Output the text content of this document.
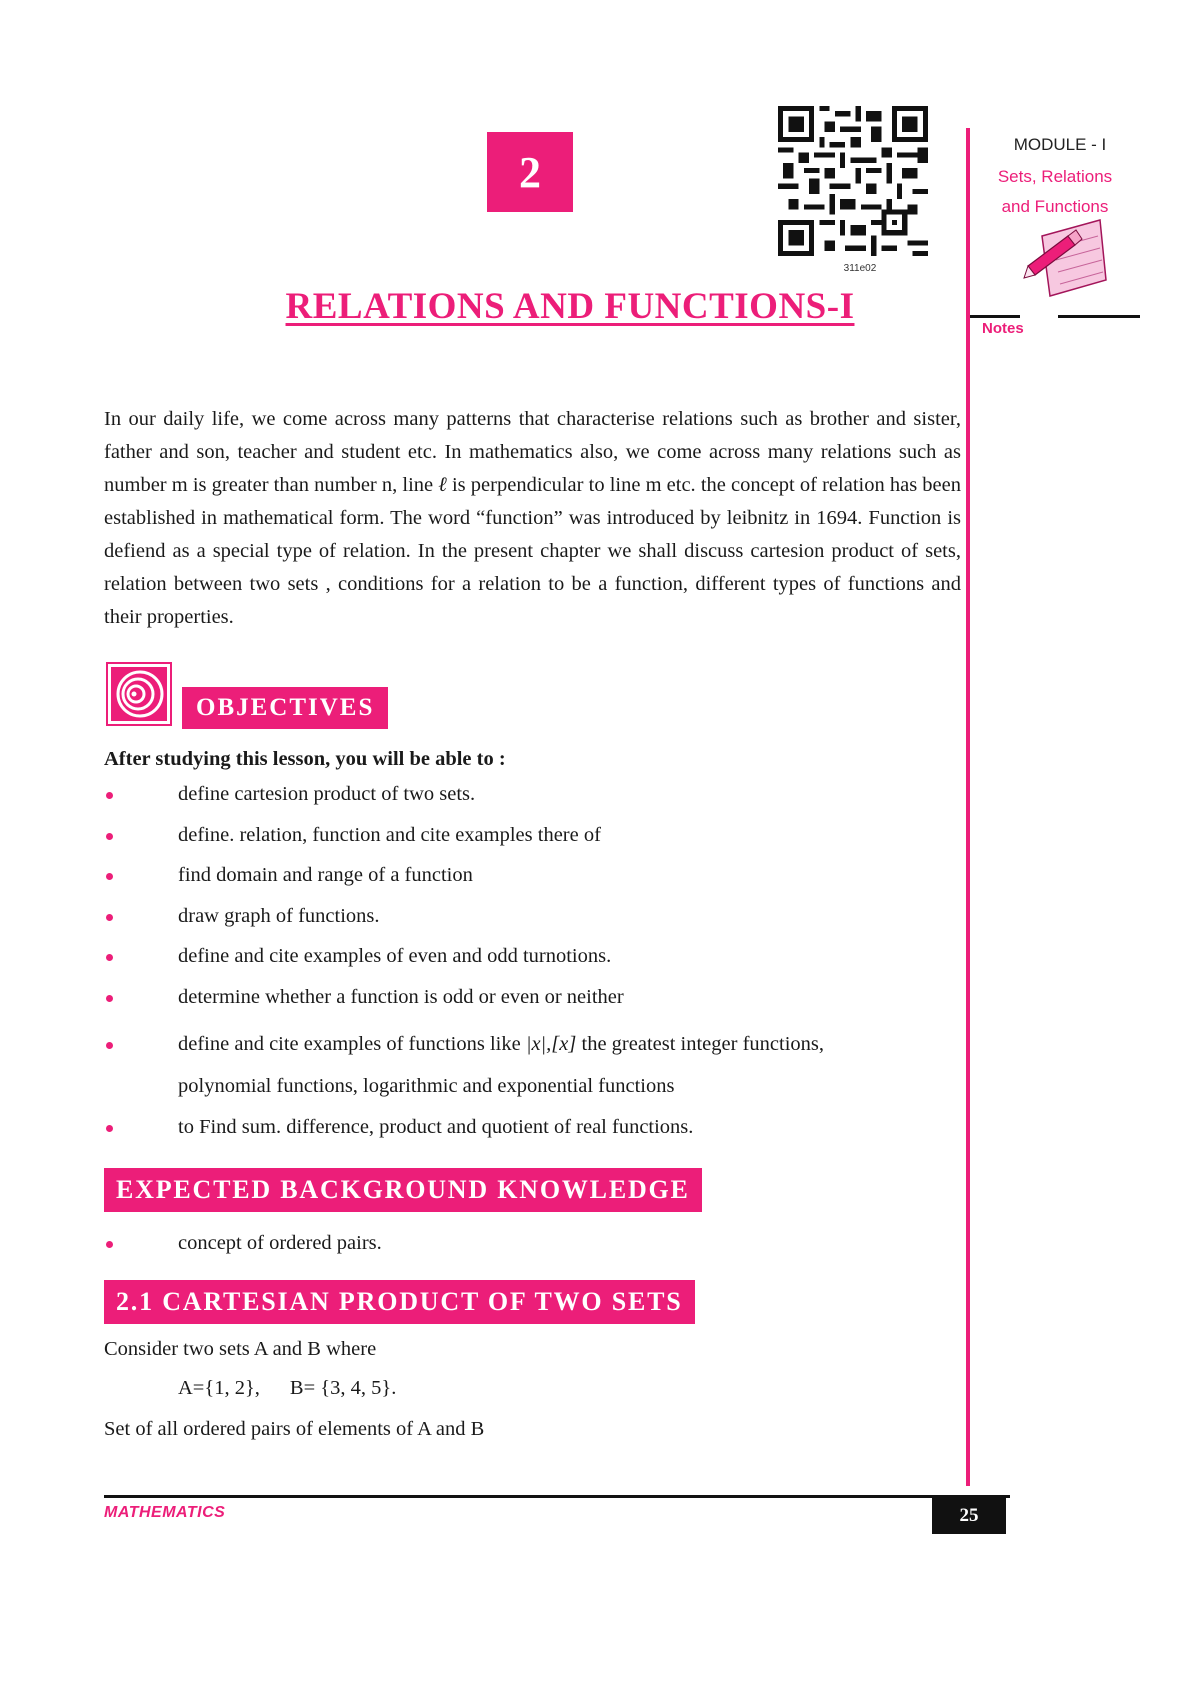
2
311e02
RELATIONS AND FUNCTIONS-I
MODULE - I
Sets, Relations
and Functions
Notes

In our daily life, we come across many patterns that characterise relations such as brother and sister, father and son, teacher and student etc. In mathematics also, we come across many relations such as number m is greater than number n, line ℓ is perpendicular to line m etc. the concept of relation has been established in mathematical form. The word “function” was introduced by leibnitz in 1694. Function is defiend as a special type of relation. In the present chapter we shall discuss cartesion product of sets, relation between two sets , conditions for a relation to be a function, different types of functions and their properties.

OBJECTIVES
After studying this lesson, you will be able to :
define cartesion product of two sets.
define. relation, function and cite examples there of
find domain and range of a function
draw graph of functions.
define and cite examples of even and odd turnotions.
determine whether a function is odd or even or neither
define and cite examples of functions like |x|,[x] the greatest integer functions,
polynomial functions, logarithmic and exponential functions
to Find sum. difference, product and quotient of real functions.
EXPECTED BACKGROUND KNOWLEDGE
concept of ordered pairs.
2.1 CARTESIAN PRODUCT OF TWO SETS
Consider two sets A and B where
A={1, 2}, B= {3, 4, 5}.
Set of all ordered pairs of elements of A and B
MATHEMATICS	25
